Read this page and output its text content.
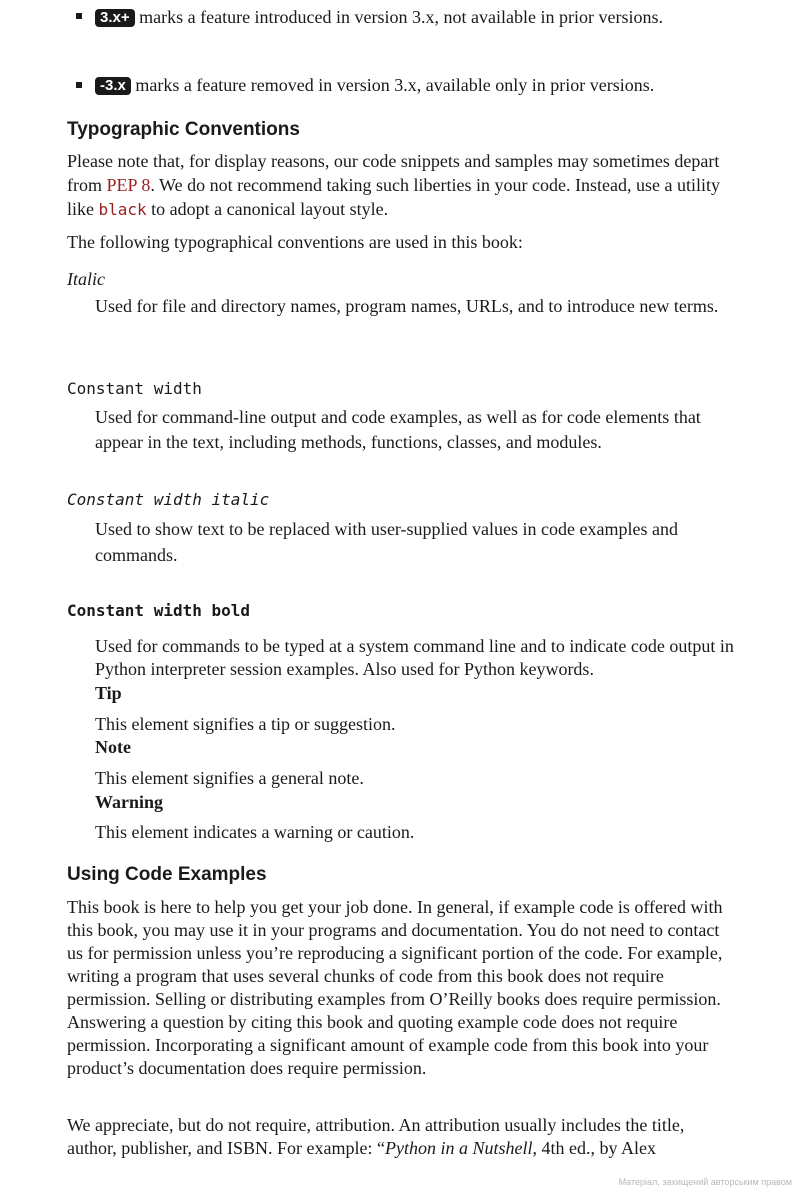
3.x+ marks a feature introduced in version 3.x, not available in prior versions.
-3.x marks a feature removed in version 3.x, available only in prior versions.
Typographic Conventions
Please note that, for display reasons, our code snippets and samples may sometimes depart from PEP 8. We do not recommend taking such liberties in your code. Instead, use a utility like black to adopt a canonical layout style.
The following typographical conventions are used in this book:
Italic
Used for file and directory names, program names, URLs, and to introduce new terms.
Constant width
Used for command-line output and code examples, as well as for code elements that appear in the text, including methods, functions, classes, and modules.
Constant width italic
Used to show text to be replaced with user-supplied values in code examples and commands.
Constant width bold
Used for commands to be typed at a system command line and to indicate code output in Python interpreter session examples. Also used for Python keywords.
Tip
This element signifies a tip or suggestion.
Note
This element signifies a general note.
Warning
This element indicates a warning or caution.
Using Code Examples
This book is here to help you get your job done. In general, if example code is offered with this book, you may use it in your programs and documentation. You do not need to contact us for permission unless you’re reproducing a significant portion of the code. For example, writing a program that uses several chunks of code from this book does not require permission. Selling or distributing examples from O’Reilly books does require permission. Answering a question by citing this book and quoting example code does not require permission. Incorporating a significant amount of example code from this book into your product’s documentation does require permission.
We appreciate, but do not require, attribution. An attribution usually includes the title, author, publisher, and ISBN. For example: “Python in a Nutshell, 4th ed., by Alex
Матеріал, захищений авторським правом
